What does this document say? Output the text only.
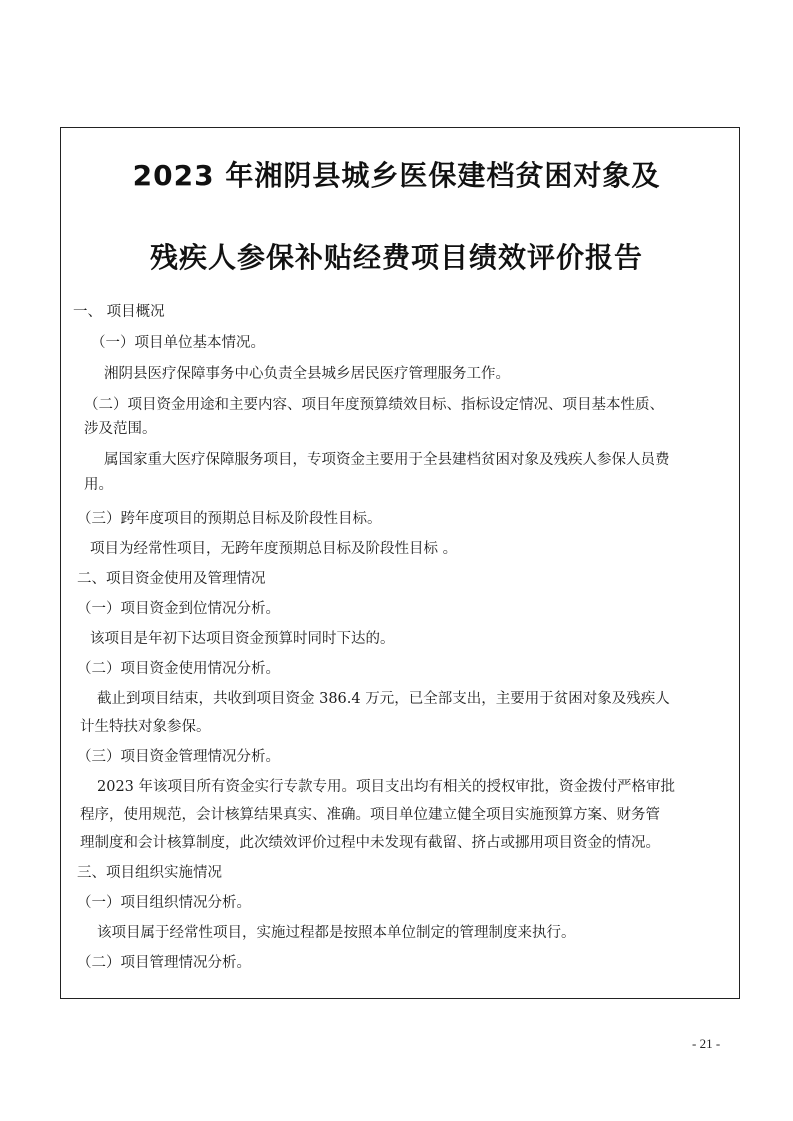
2023 年湘阴县城乡医保建档贫困对象及
残疾人参保补贴经费项目绩效评价报告
一、 项目概况
（一）项目单位基本情况。
湘阴县医疗保障事务中心负责全县城乡居民医疗管理服务工作。
（二）项目资金用途和主要内容、项目年度预算绩效目标、指标设定情况、项目基本性质、
涉及范围。
属国家重大医疗保障服务项目，专项资金主要用于全县建档贫困对象及残疾人参保人员费
用。
（三）跨年度项目的预期总目标及阶段性目标。
项目为经常性项目，无跨年度预期总目标及阶段性目标 。
二、项目资金使用及管理情况
（一）项目资金到位情况分析。
该项目是年初下达项目资金预算时同时下达的。
（二）项目资金使用情况分析。
截止到项目结束，共收到项目资金 386.4 万元，已全部支出，主要用于贫困对象及残疾人
计生特扶对象参保。
（三）项目资金管理情况分析。
2023 年该项目所有资金实行专款专用。项目支出均有相关的授权审批，资金拨付严格审批
程序，使用规范，会计核算结果真实、准确。项目单位建立健全项目实施预算方案、财务管
理制度和会计核算制度，此次绩效评价过程中未发现有截留、挤占或挪用项目资金的情况。
三、项目组织实施情况
（一）项目组织情况分析。
该项目属于经常性项目，实施过程都是按照本单位制定的管理制度来执行。
（二）项目管理情况分析。
- 21 -
